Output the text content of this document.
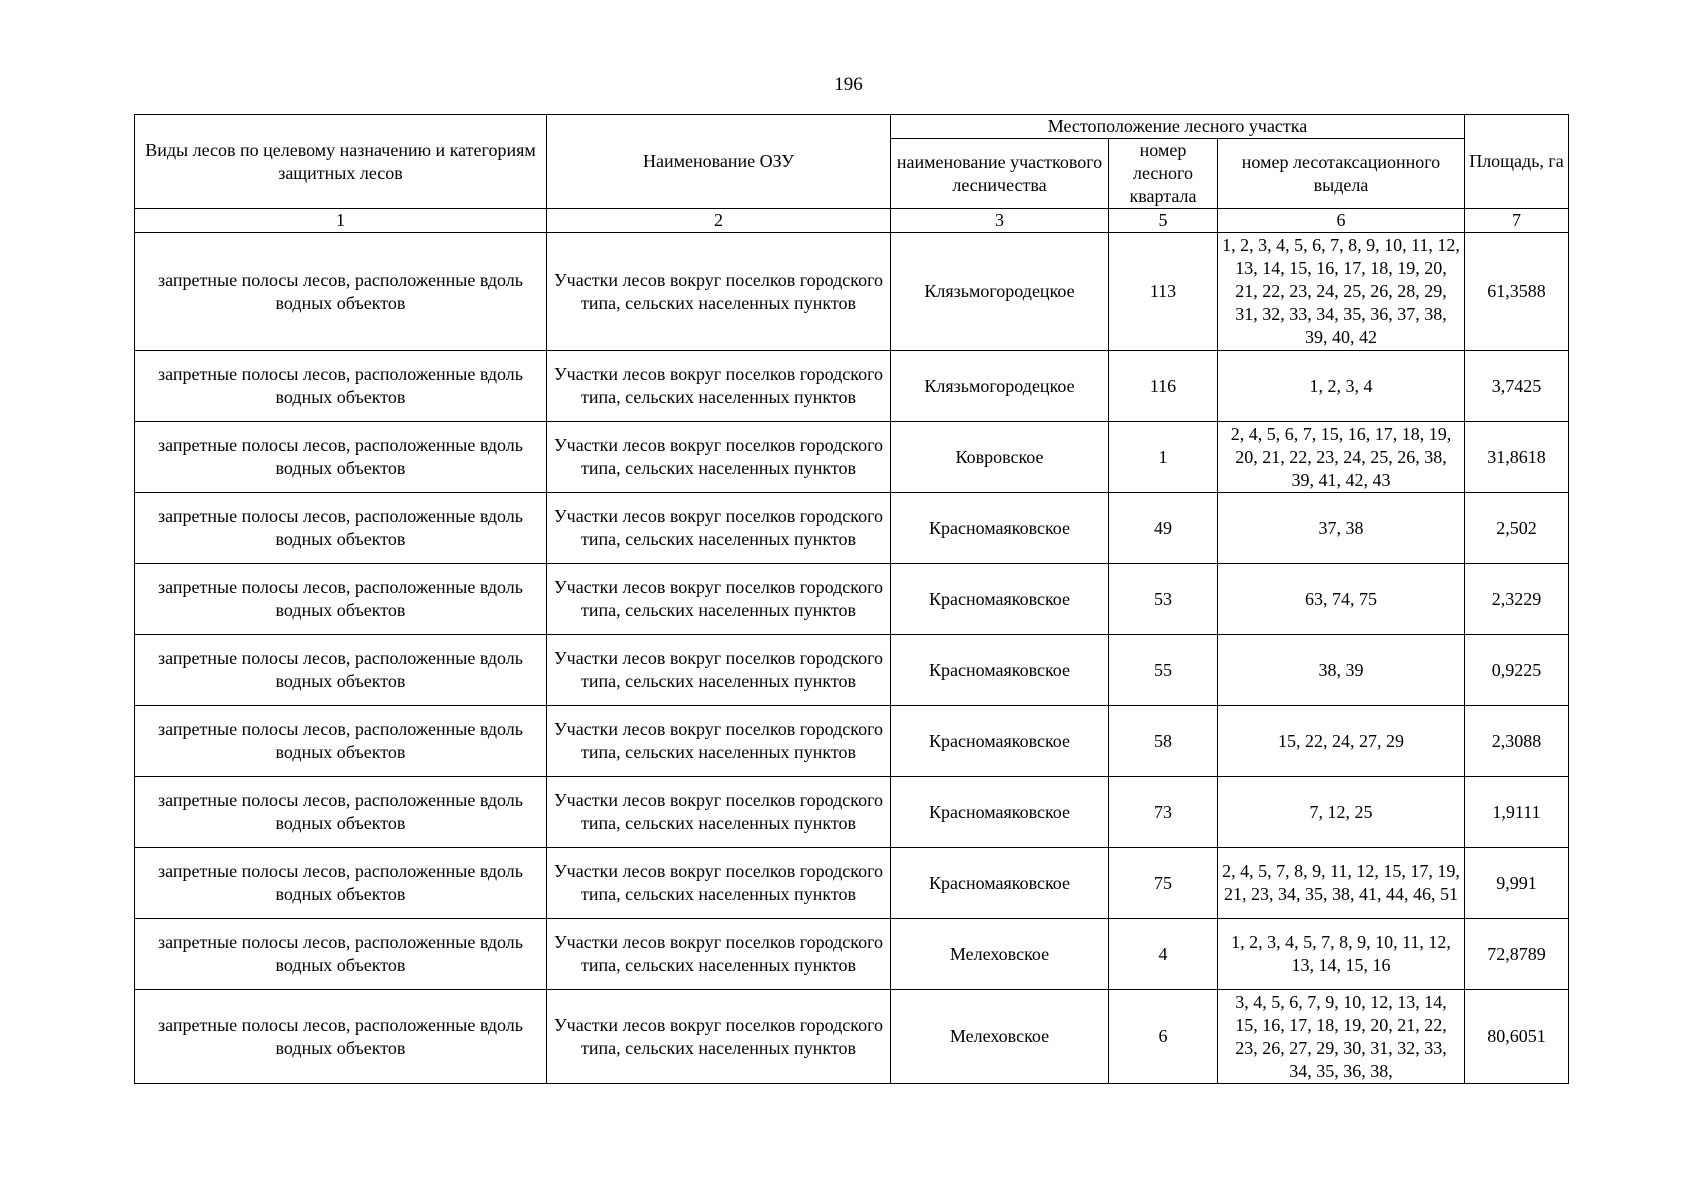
196
Виды лесов по целевому назначению и категориям защитных лесов	Наименование ОЗУ	Местоположение лесного участка			Площадь, га
		наименование участкового лесничества	номер лесного квартала	номер лесотаксационного выдела	
1	2	3	5	6	7
запретные полосы лесов, расположенные вдоль водных объектов	Участки лесов вокруг поселков городского типа, сельских населенных пунктов	Клязьмогородецкое	113	1, 2, 3, 4, 5, 6, 7, 8, 9, 10, 11, 12, 13, 14, 15, 16, 17, 18, 19, 20, 21, 22, 23, 24, 25, 26, 28, 29, 31, 32, 33, 34, 35, 36, 37, 38, 39, 40, 42	61,3588
запретные полосы лесов, расположенные вдоль водных объектов	Участки лесов вокруг поселков городского типа, сельских населенных пунктов	Клязьмогородецкое	116	1, 2, 3, 4	3,7425
запретные полосы лесов, расположенные вдоль водных объектов	Участки лесов вокруг поселков городского типа, сельских населенных пунктов	Ковровское	1	2, 4, 5, 6, 7, 15, 16, 17, 18, 19, 20, 21, 22, 23, 24, 25, 26, 38, 39, 41, 42, 43	31,8618
запретные полосы лесов, расположенные вдоль водных объектов	Участки лесов вокруг поселков городского типа, сельских населенных пунктов	Красномаяковское	49	37, 38	2,502
запретные полосы лесов, расположенные вдоль водных объектов	Участки лесов вокруг поселков городского типа, сельских населенных пунктов	Красномаяковское	53	63, 74, 75	2,3229
запретные полосы лесов, расположенные вдоль водных объектов	Участки лесов вокруг поселков городского типа, сельских населенных пунктов	Красномаяковское	55	38, 39	0,9225
запретные полосы лесов, расположенные вдоль водных объектов	Участки лесов вокруг поселков городского типа, сельских населенных пунктов	Красномаяковское	58	15, 22, 24, 27, 29	2,3088
запретные полосы лесов, расположенные вдоль водных объектов	Участки лесов вокруг поселков городского типа, сельских населенных пунктов	Красномаяковское	73	7, 12, 25	1,9111
запретные полосы лесов, расположенные вдоль водных объектов	Участки лесов вокруг поселков городского типа, сельских населенных пунктов	Красномаяковское	75	2, 4, 5, 7, 8, 9, 11, 12, 15, 17, 19, 21, 23, 34, 35, 38, 41, 44, 46, 51	9,991
запретные полосы лесов, расположенные вдоль водных объектов	Участки лесов вокруг поселков городского типа, сельских населенных пунктов	Мелеховское	4	1, 2, 3, 4, 5, 7, 8, 9, 10, 11, 12, 13, 14, 15, 16	72,8789
запретные полосы лесов, расположенные вдоль водных объектов	Участки лесов вокруг поселков городского типа, сельских населенных пунктов	Мелеховское	6	3, 4, 5, 6, 7, 9, 10, 12, 13, 14, 15, 16, 17, 18, 19, 20, 21, 22, 23, 26, 27, 29, 30, 31, 32, 33, 34, 35, 36, 38,	80,6051
